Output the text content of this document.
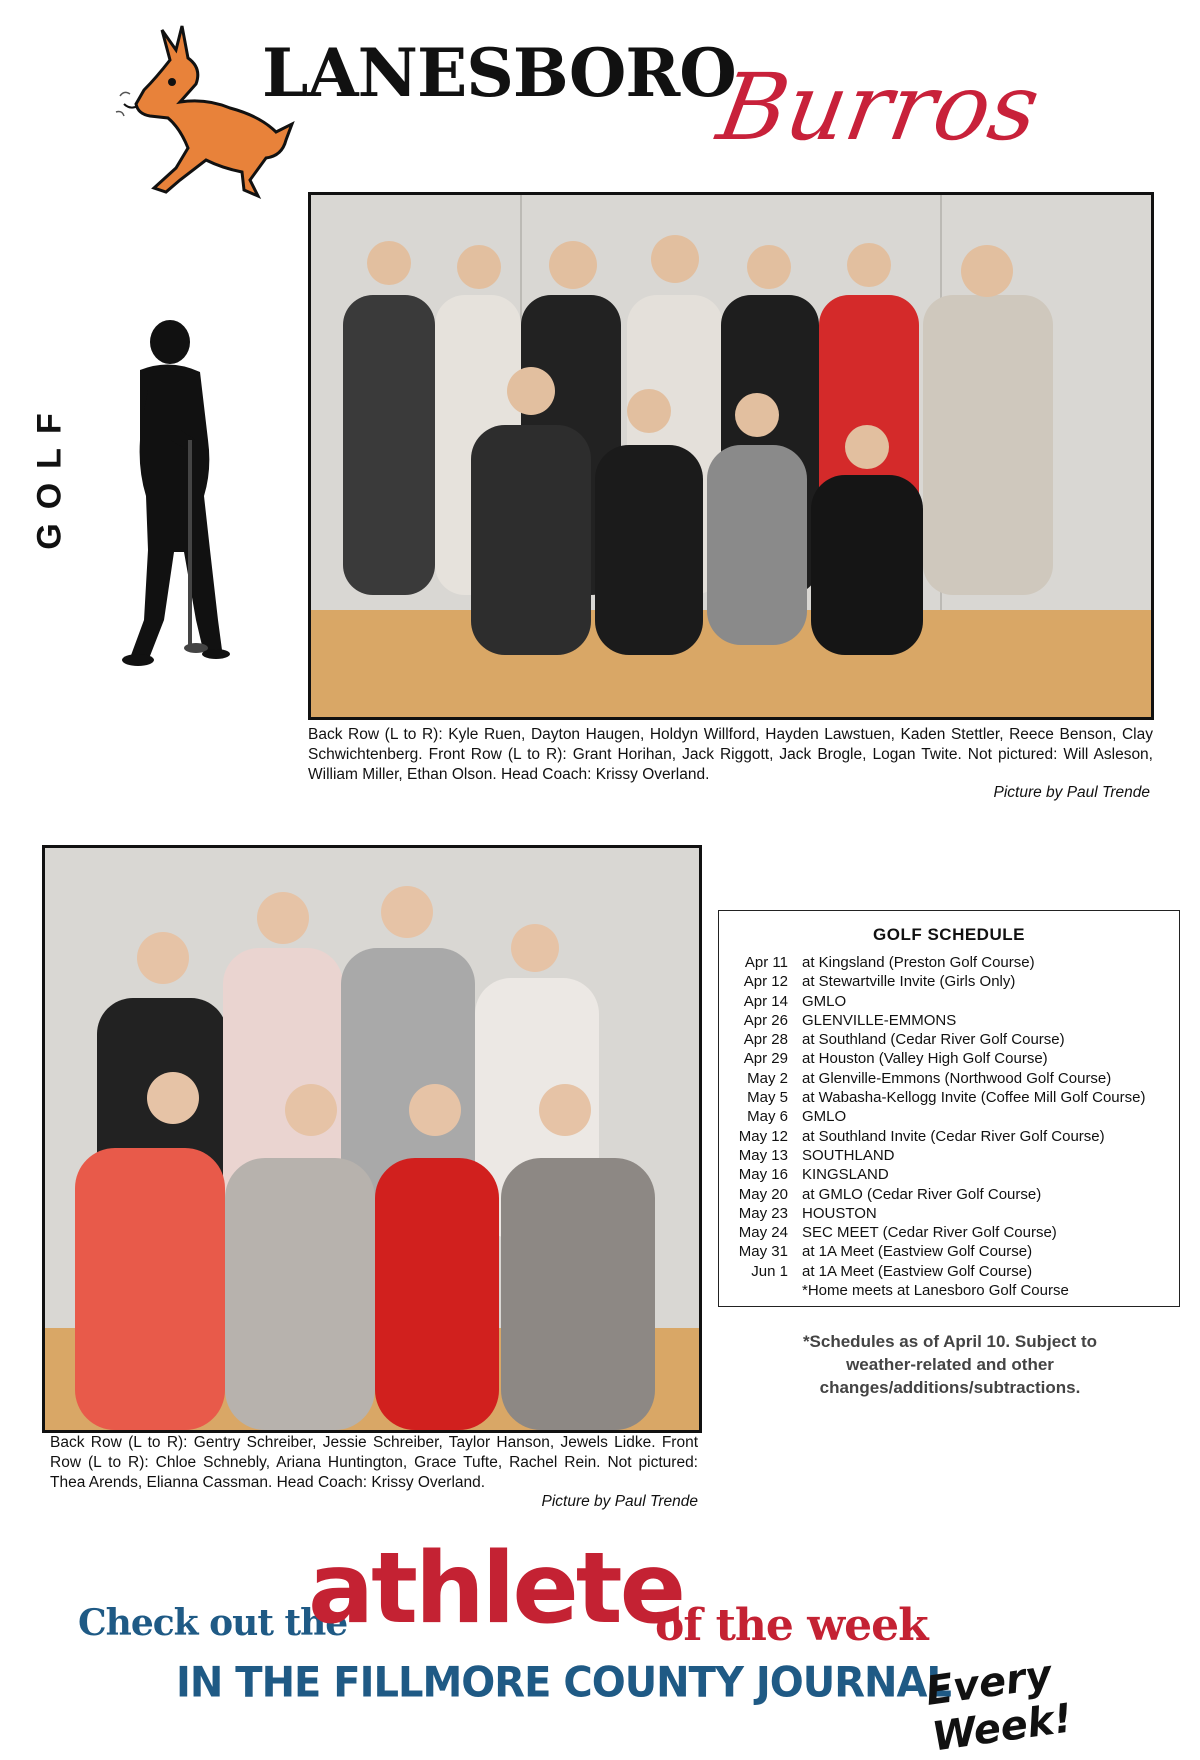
LANESBORO
Burros
GOLF
Back Row (L to R): Kyle Ruen, Dayton Haugen, Holdyn Willford, Hayden Lawstuen, Kaden Stettler, Reece Benson, Clay Schwichtenberg. Front Row (L to R): Grant Horihan, Jack Riggott, Jack Brogle, Logan Twite. Not pictured: Will Asleson, William Miller, Ethan Olson. Head Coach: Krissy Overland.
Picture by Paul Trende
Back Row (L to R): Gentry Schreiber, Jessie Schreiber, Taylor Hanson, Jewels Lidke. Front Row (L to R): Chloe Schnebly, Ariana Huntington, Grace Tufte, Rachel Rein. Not pictured: Thea Arends, Elianna Cassman. Head Coach: Krissy Overland.
Picture by Paul Trende
GOLF SCHEDULE
Apr 11 at Kingsland (Preston Golf Course)
Apr 12 at Stewartville Invite (Girls Only)
Apr 14 GMLO
Apr 26 GLENVILLE-EMMONS
Apr 28 at Southland (Cedar River Golf Course)
Apr 29 at Houston (Valley High Golf Course)
May 2 at Glenville-Emmons (Northwood Golf Course)
May 5 at Wabasha-Kellogg Invite (Coffee Mill Golf Course)
May 6 GMLO
May 12 at Southland Invite (Cedar River Golf Course)
May 13 SOUTHLAND
May 16 KINGSLAND
May 20 at GMLO (Cedar River Golf Course)
May 23 HOUSTON
May 24 SEC MEET (Cedar River Golf Course)
May 31 at 1A Meet (Eastview Golf Course)
Jun 1 at 1A Meet (Eastview Golf Course)
*Home meets at Lanesboro Golf Course
*Schedules as of April 10. Subject to weather-related and other changes/additions/subtractions.
Check out the
athlete
of the week
IN THE FILLMORE COUNTY JOURNAL
Every Week!
